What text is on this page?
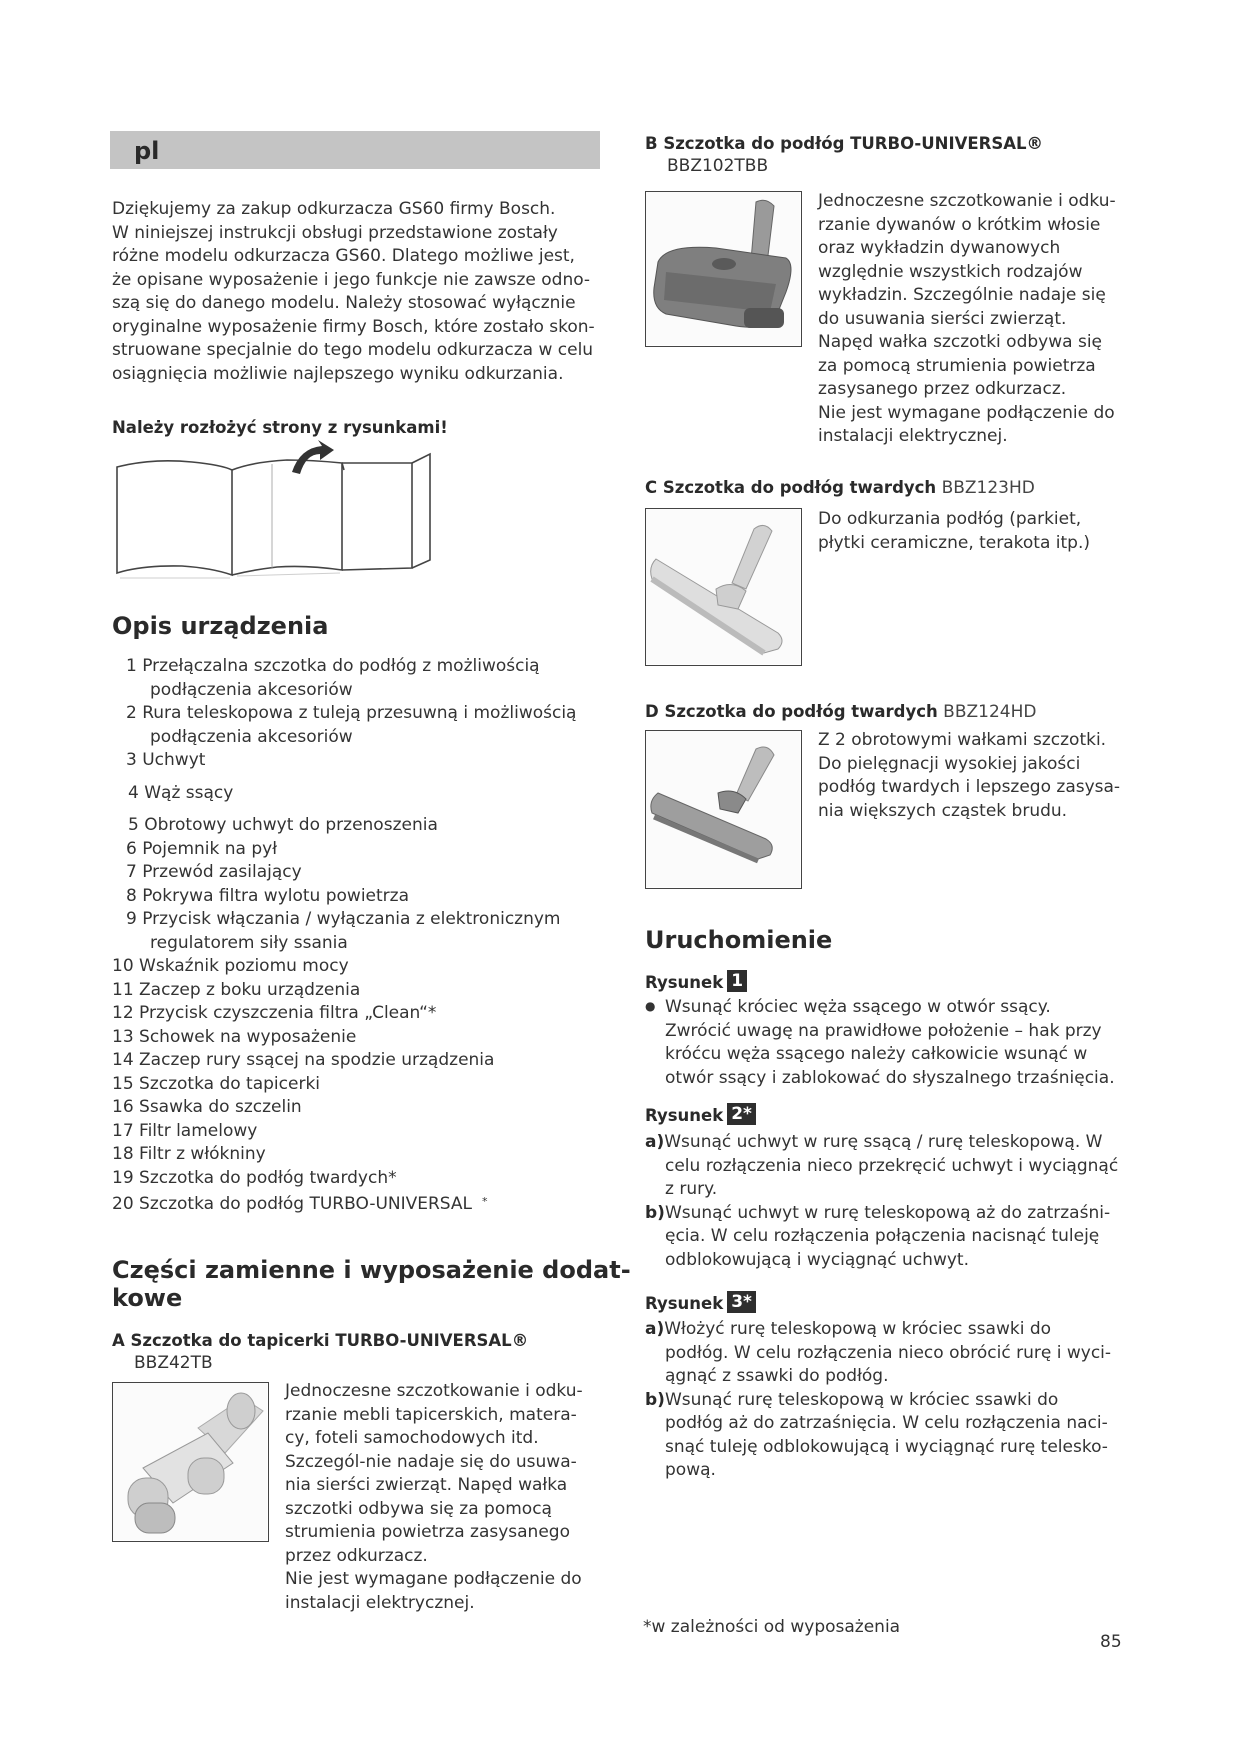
pl
Dziękujemy za zakup odkurzacza GS60 firmy Bosch.
W niniejszej instrukcji obsługi przedstawione zostały
różne modelu odkurzacza GS60. Dlatego możliwe jest,
że opisane wyposażenie i jego funkcje nie zawsze odno-
szą się do danego modelu. Należy stosować wyłącznie
oryginalne wyposażenie firmy Bosch, które zostało skon-
struowane specjalnie do tego modelu odkurzacza w celu
osiągnięcia możliwie najlepszego wyniku odkurzania.
Należy rozłożyć strony z rysunkami!
Opis urządzenia
1 Przełączalna szczotka do podłóg z możliwością
podłączenia akcesoriów
2 Rura teleskopowa z tuleją przesuwną i możliwością
podłączenia akcesoriów
3 Uchwyt
4 Wąż ssący
5 Obrotowy uchwyt do przenoszenia
6 Pojemnik na pył
7 Przewód zasilający
8 Pokrywa filtra wylotu powietrza
9 Przycisk włączania / wyłączania z elektronicznym
regulatorem siły ssania
10 Wskaźnik poziomu mocy
11 Zaczep z boku urządzenia
12 Przycisk czyszczenia filtra „Clean“*
13 Schowek na wyposażenie
14 Zaczep rury ssącej na spodzie urządzenia
15 Szczotka do tapicerki
16 Ssawka do szczelin
17 Filtr lamelowy
18 Filtr z włókniny
19 Szczotka do podłóg twardych*
20 Szczotka do podłóg TURBO-UNIVERSAL *
Części zamienne i wyposażenie dodat-
kowe
A Szczotka do tapicerki TURBO-UNIVERSAL®
BBZ42TB
Jednoczesne szczotkowanie i odku-
rzanie mebli tapicerskich, matera-
cy, foteli samochodowych itd.
Szczegól-nie nadaje się do usuwa-
nia sierści zwierząt. Napęd wałka
szczotki odbywa się za pomocą
strumienia powietrza zasysanego
przez odkurzacz.
Nie jest wymagane podłączenie do
instalacji elektrycznej.
B Szczotka do podłóg TURBO-UNIVERSAL®
BBZ102TBB
Jednoczesne szczotkowanie i odku-
rzanie dywanów o krótkim włosie
oraz wykładzin dywanowych
względnie wszystkich rodzajów
wykładzin. Szczególnie nadaje się
do usuwania sierści zwierząt.
Napęd wałka szczotki odbywa się
za pomocą strumienia powietrza
zasysanego przez odkurzacz.
Nie jest wymagane podłączenie do
instalacji elektrycznej.
C Szczotka do podłóg twardych BBZ123HD
Do odkurzania podłóg (parkiet,
płytki ceramiczne, terakota itp.)
D Szczotka do podłóg twardych BBZ124HD
Z 2 obrotowymi wałkami szczotki.
Do pielęgnacji wysokiej jakości
podłóg twardych i lepszego zasysa-
nia większych cząstek brudu.
Uruchomienie
Rysunek 1
● Wsunąć króciec węża ssącego w otwór ssący.
Zwrócić uwagę na prawidłowe położenie – hak przy
króćcu węża ssącego należy całkowicie wsunąć w
otwór ssący i zablokować do słyszalnego trzaśnięcia.
Rysunek 2*
a)Wsunąć uchwyt w rurę ssącą / rurę teleskopową. W
celu rozłączenia nieco przekręcić uchwyt i wyciągnąć
z rury.
b)Wsunąć uchwyt w rurę teleskopową aż do zatrzaśni-
ęcia. W celu rozłączenia połączenia nacisnąć tuleję
odblokowującą i wyciągnąć uchwyt.
Rysunek 3*
a)Włożyć rurę teleskopową w króciec ssawki do
podłóg. W celu rozłączenia nieco obrócić rurę i wyci-
ągnąć z ssawki do podłóg.
b)Wsunąć rurę teleskopową w króciec ssawki do
podłóg aż do zatrzaśnięcia. W celu rozłączenia naci-
snąć tuleję odblokowującą i wyciągnąć rurę telesko-
pową.
*w zależności od wyposażenia
85
